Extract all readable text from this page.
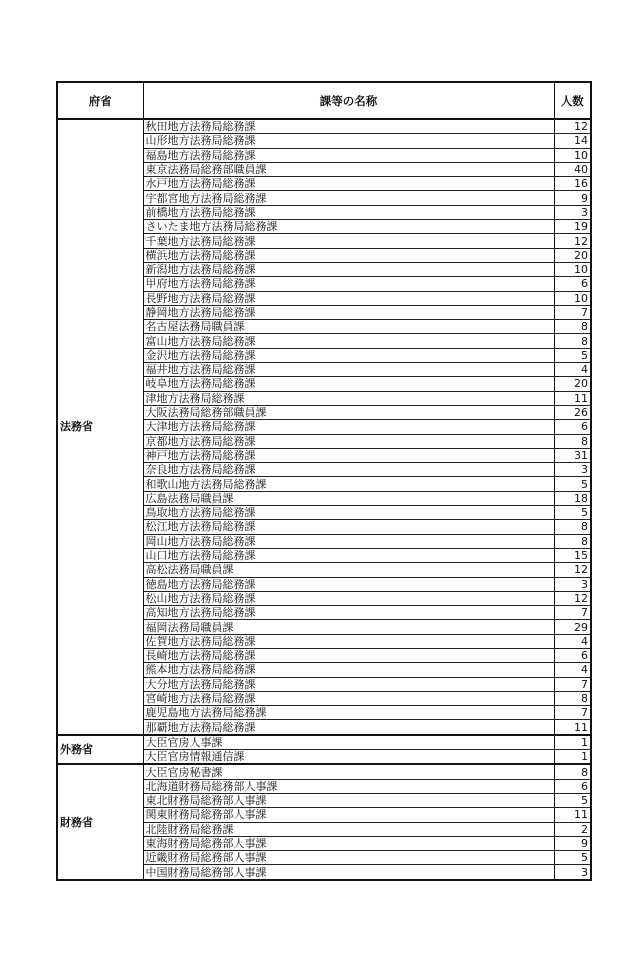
府省	課等の名称	人数
法務省	秋田地方法務局総務課	12
	山形地方法務局総務課	14
	福島地方法務局総務課	10
	東京法務局総務部職員課	40
	水戸地方法務局総務課	16
	宇都宮地方法務局総務課	9
	前橋地方法務局総務課	3
	さいたま地方法務局総務課	19
	千葉地方法務局総務課	12
	横浜地方法務局総務課	20
	新潟地方法務局総務課	10
	甲府地方法務局総務課	6
	長野地方法務局総務課	10
	静岡地方法務局総務課	7
	名古屋法務局職員課	8
	富山地方法務局総務課	8
	金沢地方法務局総務課	5
	福井地方法務局総務課	4
	岐阜地方法務局総務課	20
	津地方法務局総務課	11
	大阪法務局総務部職員課	26
	大津地方法務局総務課	6
	京都地方法務局総務課	8
	神戸地方法務局総務課	31
	奈良地方法務局総務課	3
	和歌山地方法務局総務課	5
	広島法務局職員課	18
	鳥取地方法務局総務課	5
	松江地方法務局総務課	8
	岡山地方法務局総務課	8
	山口地方法務局総務課	15
	高松法務局職員課	12
	徳島地方法務局総務課	3
	松山地方法務局総務課	12
	高知地方法務局総務課	7
	福岡法務局職員課	29
	佐賀地方法務局総務課	4
	長崎地方法務局総務課	6
	熊本地方法務局総務課	4
	大分地方法務局総務課	7
	宮崎地方法務局総務課	8
	鹿児島地方法務局総務課	7
	那覇地方法務局総務課	11
外務省	大臣官房人事課	1
	大臣官房情報通信課	1
財務省	大臣官房秘書課	8
	北海道財務局総務部人事課	6
	東北財務局総務部人事課	5
	関東財務局総務部人事課	11
	北陸財務局総務課	2
	東海財務局総務部人事課	9
	近畿財務局総務部人事課	5
	中国財務局総務部人事課	3
